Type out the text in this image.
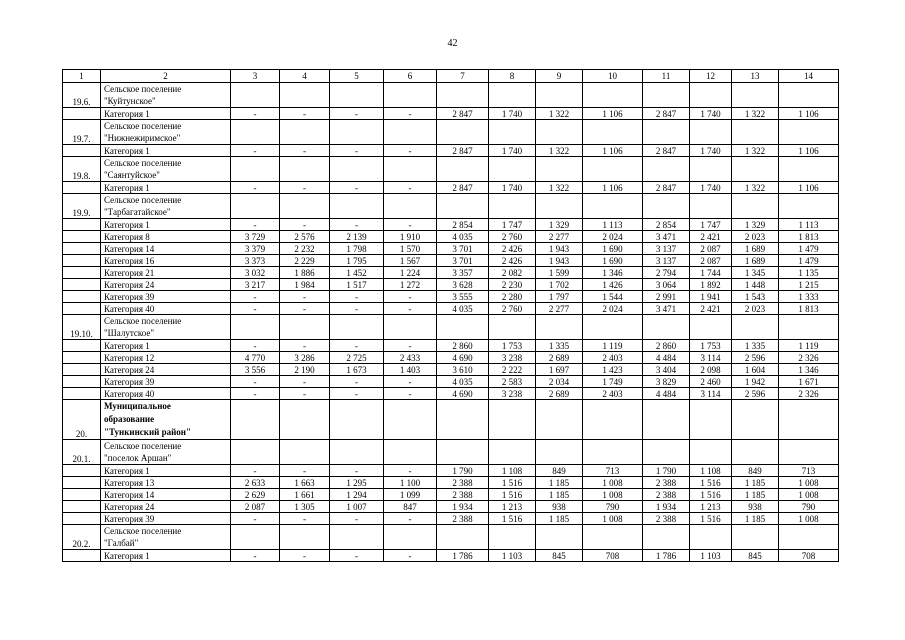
42
1	2	3	4	5	6	7	8	9	10	11	12	13	14
19.6.	Сельское поселение
"Куйтунское"												

	Категория 1	-	-	-	-	2 847	1 740	1 322	1 106	2 847	1 740	1 322	1 106
19.7.	Сельское поселение
"Нижнежиримское"												

	Категория 1	-	-	-	-	2 847	1 740	1 322	1 106	2 847	1 740	1 322	1 106
19.8.	Сельское поселение
"Саянтуйское"												

	Категория 1	-	-	-	-	2 847	1 740	1 322	1 106	2 847	1 740	1 322	1 106
19.9.	Сельское поселение
"Тарбагатайское"												

	Категория 1	-	-	-	-	2 854	1 747	1 329	1 113	2 854	1 747	1 329	1 113
	Категория 8	3 729	2 576	2 139	1 910	4 035	2 760	2 277	2 024	3 471	2 421	2 023	1 813
	Категория 14	3 379	2 232	1 798	1 570	3 701	2 426	1 943	1 690	3 137	2 087	1 689	1 479
	Категория 16	3 373	2 229	1 795	1 567	3 701	2 426	1 943	1 690	3 137	2 087	1 689	1 479
	Категория 21	3 032	1 886	1 452	1 224	3 357	2 082	1 599	1 346	2 794	1 744	1 345	1 135
	Категория 24	3 217	1 984	1 517	1 272	3 628	2 230	1 702	1 426	3 064	1 892	1 448	1 215
	Категория 39	-	-	-	-	3 555	2 280	1 797	1 544	2 991	1 941	1 543	1 333
	Категория 40	-	-	-	-	4 035	2 760	2 277	2 024	3 471	2 421	2 023	1 813
19.10.	Сельское поселение
"Шалутское"												

	Категория 1	-	-	-	-	2 860	1 753	1 335	1 119	2 860	1 753	1 335	1 119
	Категория 12	4 770	3 286	2 725	2 433	4 690	3 238	2 689	2 403	4 484	3 114	2 596	2 326
	Категория 24	3 556	2 190	1 673	1 403	3 610	2 222	1 697	1 423	3 404	2 098	1 604	1 346
	Категория 39	-	-	-	-	4 035	2 583	2 034	1 749	3 829	2 460	1 942	1 671
	Категория 40	-	-	-	-	4 690	3 238	2 689	2 403	4 484	3 114	2 596	2 326
20.	Муниципальное
образование
"Тункинский район"												

20.1.	Сельское поселение
"поселок Аршан"												

	Категория 1	-	-	-	-	1 790	1 108	849	713	1 790	1 108	849	713
	Категория 13	2 633	1 663	1 295	1 100	2 388	1 516	1 185	1 008	2 388	1 516	1 185	1 008
	Категория 14	2 629	1 661	1 294	1 099	2 388	1 516	1 185	1 008	2 388	1 516	1 185	1 008
	Категория 24	2 087	1 305	1 007	847	1 934	1 213	938	790	1 934	1 213	938	790
	Категория 39	-	-	-	-	2 388	1 516	1 185	1 008	2 388	1 516	1 185	1 008
20.2.	Сельское поселение
"Галбай"												

	Категория 1	-	-	-	-	1 786	1 103	845	708	1 786	1 103	845	708
